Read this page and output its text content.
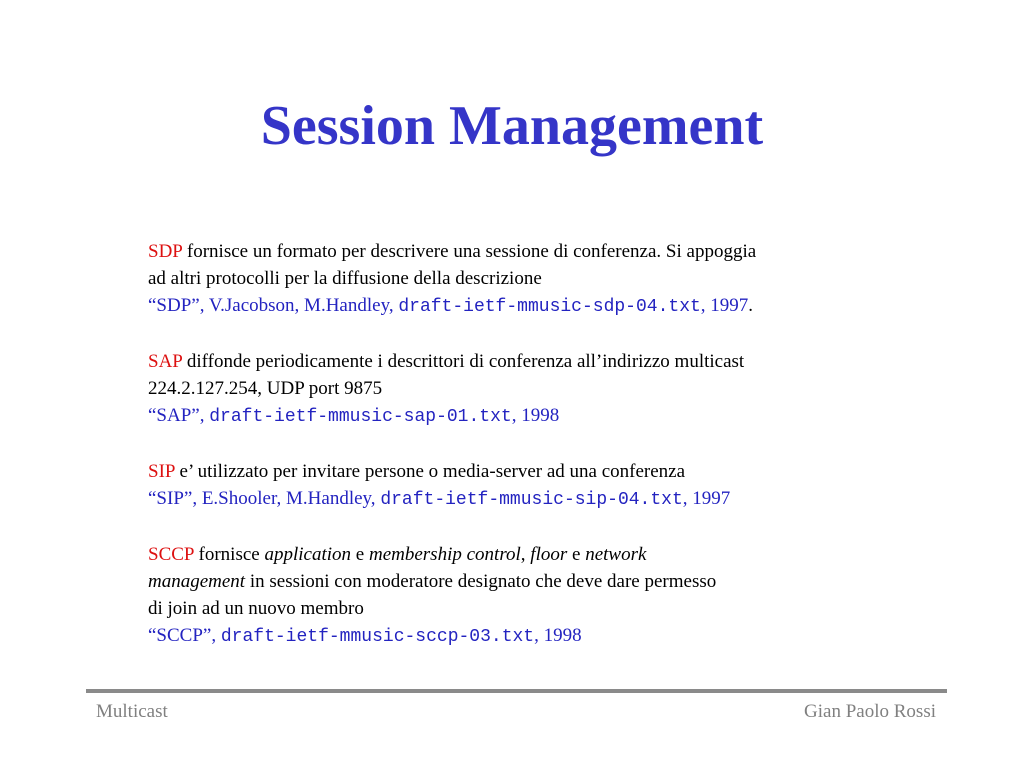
Session Management
SDP fornisce un formato per descrivere una sessione di conferenza. Si appoggia
ad altri protocolli per la diffusione della descrizione
“SDP”, V.Jacobson, M.Handley, draft-ietf-mmusic-sdp-04.txt, 1997.
SAP diffonde periodicamente i descrittori di conferenza all’indirizzo multicast
224.2.127.254, UDP port 9875
“SAP”, draft-ietf-mmusic-sap-01.txt, 1998
SIP e’ utilizzato per invitare persone o media-server ad una conferenza
“SIP”, E.Shooler, M.Handley, draft-ietf-mmusic-sip-04.txt, 1997
SCCP fornisce application e membership control, floor e network
management in sessioni con moderatore designato che deve dare permesso
di join ad un nuovo membro
“SCCP”, draft-ietf-mmusic-sccp-03.txt, 1998
Multicast	Gian Paolo Rossi
